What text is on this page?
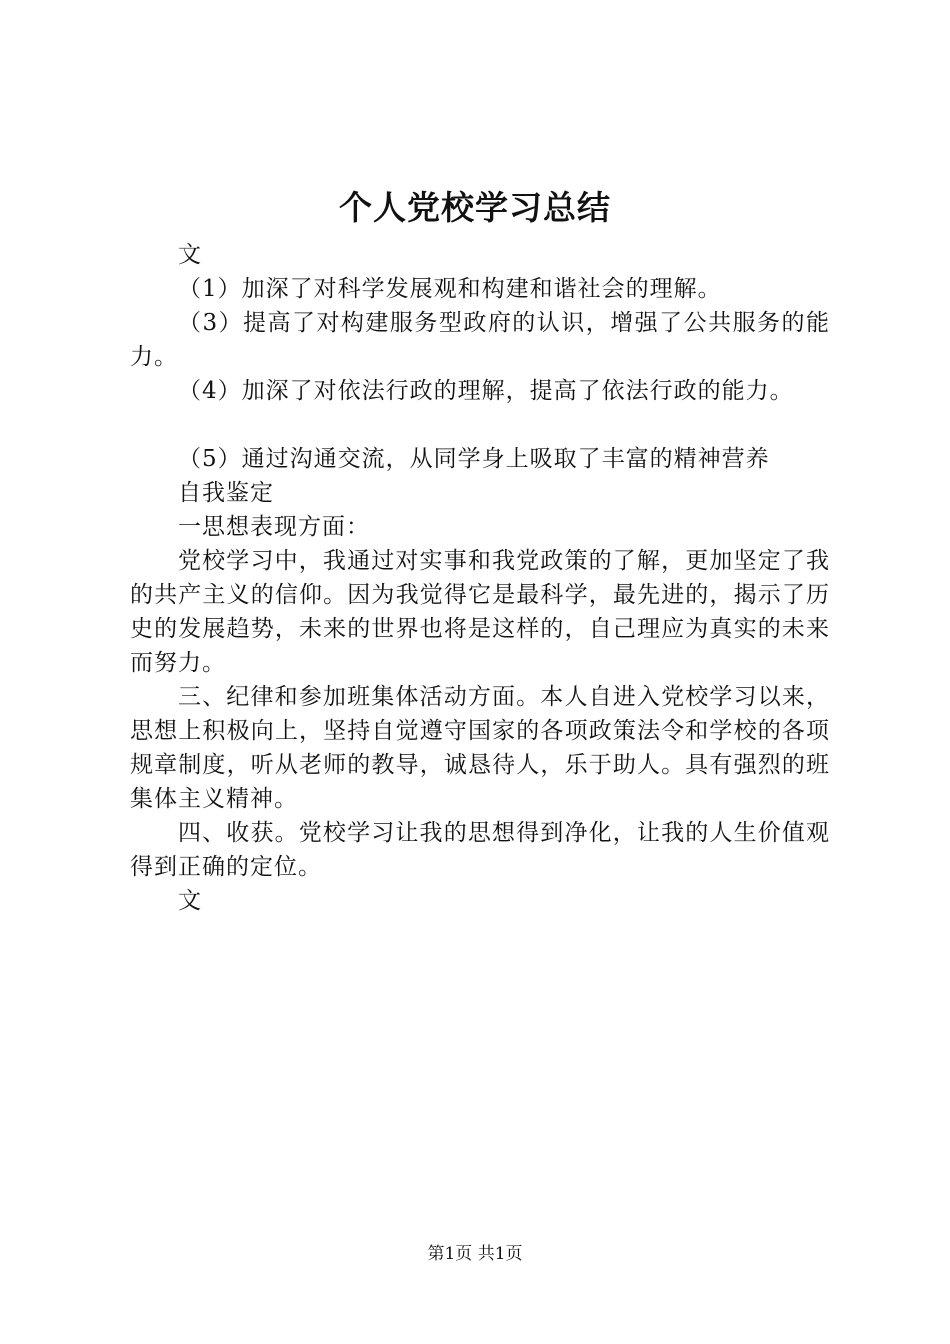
个人党校学习总结

文

（1）加深了对科学发展观和构建和谐社会的理解。

（3）提高了对构建服务型政府的认识，增强了公共服务的能力。

（4）加深了对依法行政的理解，提高了依法行政的能力。

（5）通过沟通交流，从同学身上吸取了丰富的精神营养

自我鉴定

一思想表现方面：

党校学习中，我通过对实事和我党政策的了解，更加坚定了我的共产主义的信仰。因为我觉得它是最科学，最先进的，揭示了历史的发展趋势，未来的世界也将是这样的，自己理应为真实的未来而努力。

三、纪律和参加班集体活动方面。本人自进入党校学习以来，思想上积极向上，坚持自觉遵守国家的各项政策法令和学校的各项规章制度，听从老师的教导，诚恳待人，乐于助人。具有强烈的班集体主义精神。

四、收获。党校学习让我的思想得到净化，让我的人生价值观得到正确的定位。

文

第1页 共1页
